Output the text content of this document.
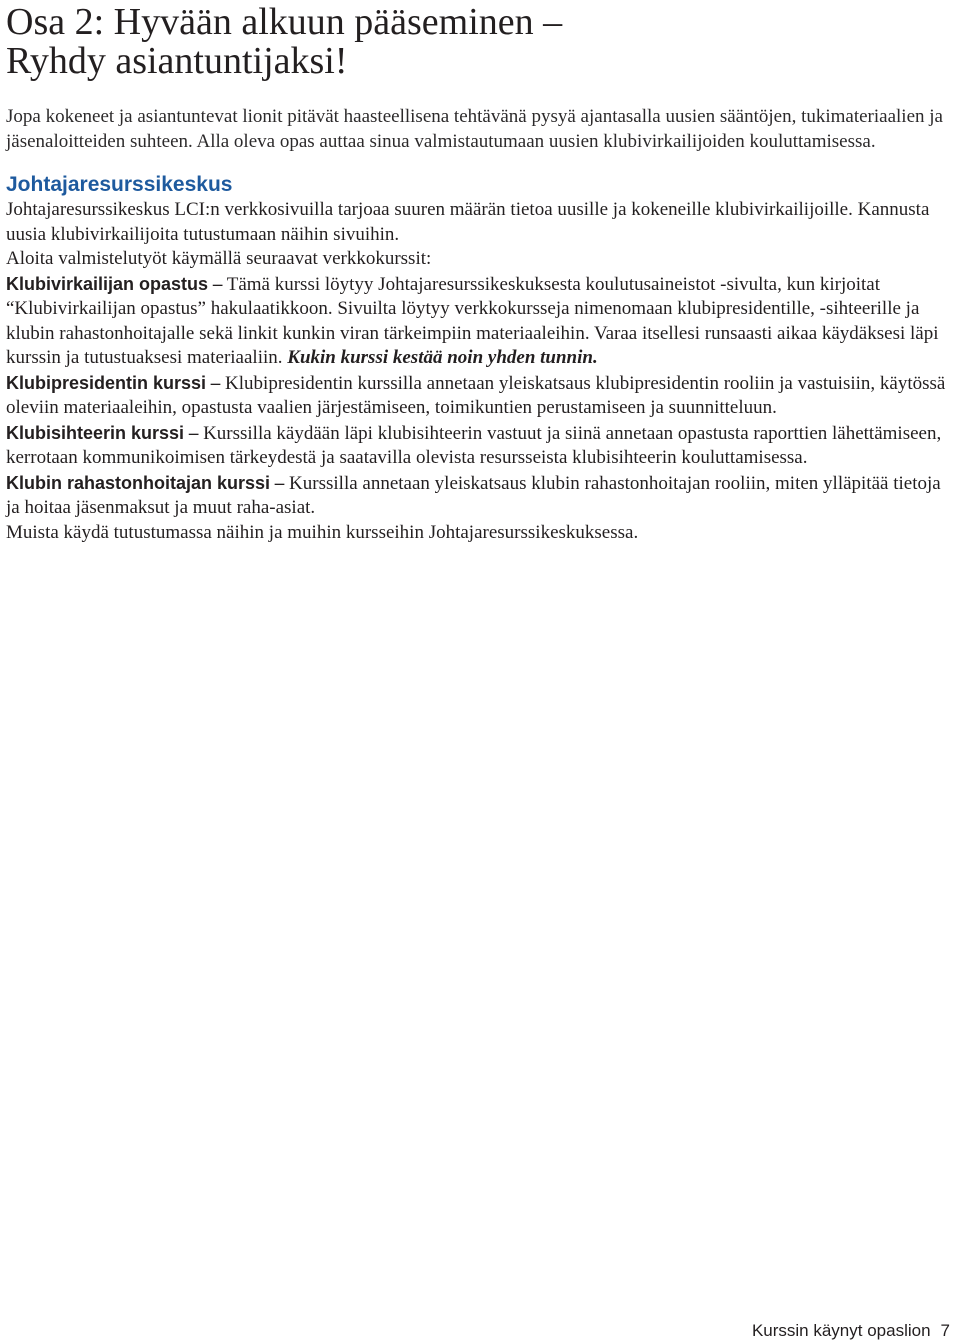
Osa 2: Hyvään alkuun pääseminen –
Ryhdy asiantuntijaksi!

Jopa kokeneet ja asiantuntevat lionit pitävät haasteellisena tehtävänä pysyä ajantasalla uusien sääntöjen, tukimateriaalien ja jäsenaloitteiden suhteen. Alla oleva opas auttaa sinua valmistautumaan uusien klubivirkailijoiden kouluttamisessa.

Johtajaresurssikeskus

Johtajaresurssikeskus LCI:n verkkosivuilla tarjoaa suuren määrän tietoa uusille ja kokeneille klubivirkailijoille. Kannusta uusia klubivirkailijoita tutustumaan näihin sivuihin.

Aloita valmistelutyöt käymällä seuraavat verkkokurssit:

Klubivirkailijan opastus – Tämä kurssi löytyy Johtajaresurssikeskuksesta koulutusaineistot -sivulta, kun kirjoitat “Klubivirkailijan opastus” hakulaatikkoon. Sivuilta löytyy verkkokursseja nimenomaan klubipresidentille, -sihteerille ja klubin rahastonhoitajalle sekä linkit kunkin viran tärkeimpiin materiaaleihin. Varaa itsellesi runsaasti aikaa käydäksesi läpi kurssin ja tutustuaksesi materiaaliin. Kukin kurssi kestää noin yhden tunnin.

Klubipresidentin kurssi – Klubipresidentin kurssilla annetaan yleiskatsaus klubipresidentin rooliin ja vastuisiin, käytössä oleviin materiaaleihin, opastusta vaalien järjestämiseen, toimikuntien perustamiseen ja suunnitteluun.

Klubisihteerin kurssi – Kurssilla käydään läpi klubisihteerin vastuut ja siinä annetaan opastusta raporttien lähettämiseen, kerrotaan kommunikoimisen tärkeydestä ja saatavilla olevista resursseista klubisihteerin kouluttamisessa.

Klubin rahastonhoitajan kurssi – Kurssilla annetaan yleiskatsaus klubin rahastonhoitajan rooliin, miten ylläpitää tietoja ja hoitaa jäsenmaksut ja muut raha-asiat.

Muista käydä tutustumassa näihin ja muihin kursseihin Johtajaresurssikeskuksessa.

Kurssin käynyt opaslion 7
